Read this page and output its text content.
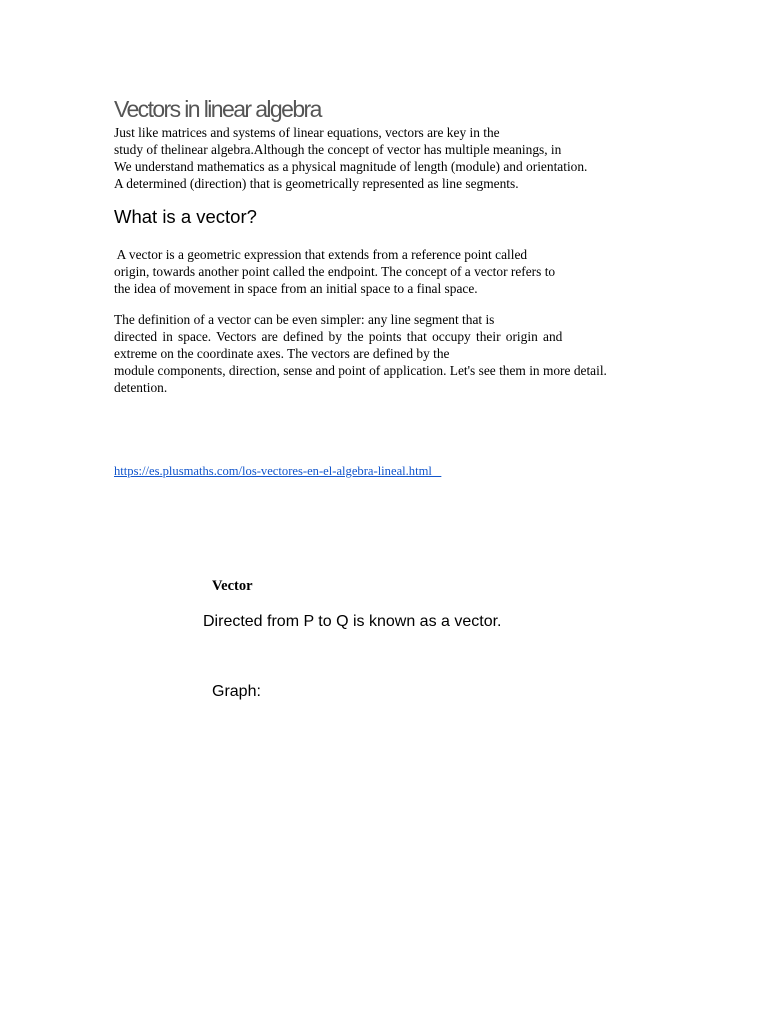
Vectors in linear algebra
Just like matrices and systems of linear equations, vectors are key in the
study of thelinear algebra.Although the concept of vector has multiple meanings, in
We understand mathematics as a physical magnitude of length (module) and orientation.
A determined (direction) that is geometrically represented as line segments.
What is a vector?
A vector is a geometric expression that extends from a reference point called
origin, towards another point called the endpoint. The concept of a vector refers to
the idea of movement in space from an initial space to a final space.
The definition of a vector can be even simpler: any line segment that is
directed in space. Vectors are defined by the points that occupy their origin and
extreme on the coordinate axes. The vectors are defined by the
module components, direction, sense and point of application. Let's see them in more detail.
detention.
https://es.plusmaths.com/los-vectores-en-el-algebra-lineal.html
Vector
Directed from P to Q is known as a vector.
Graph:
